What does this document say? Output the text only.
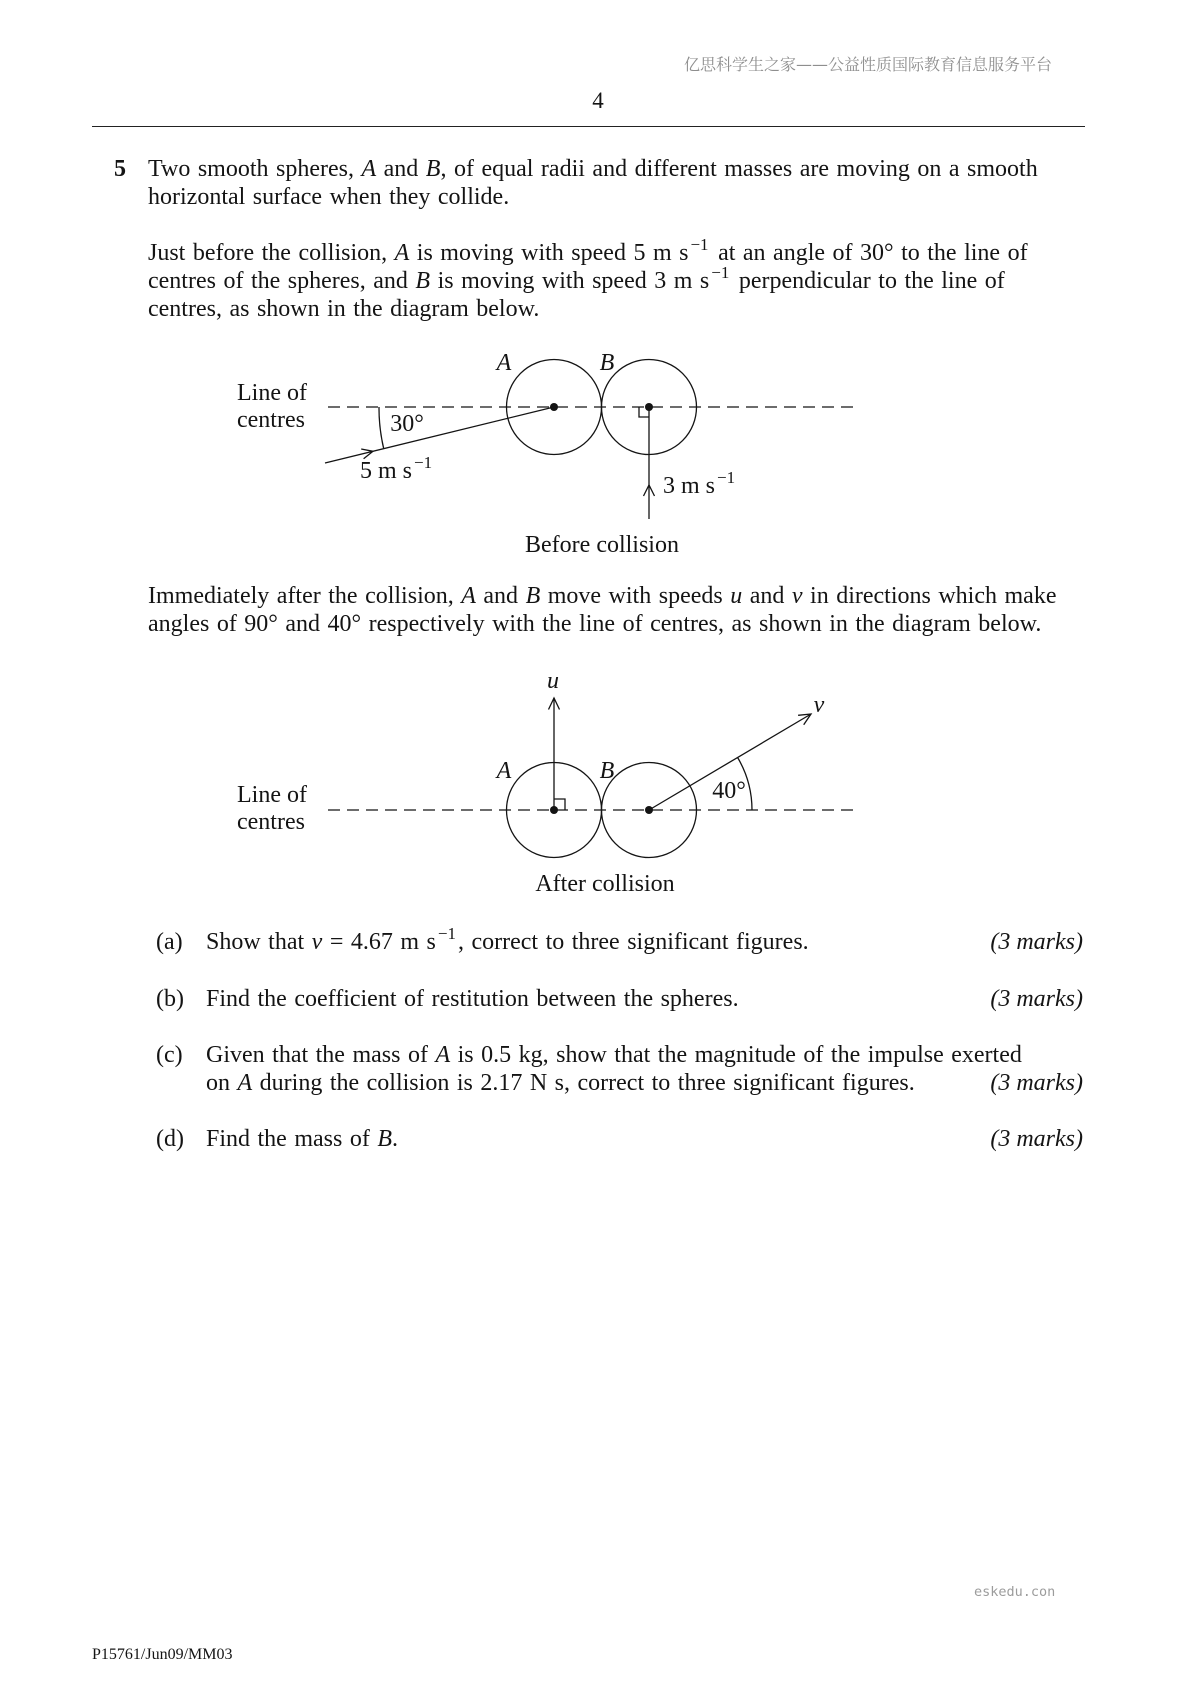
亿思科学生之家——公益性质国际教育信息服务平台
4
5 Two smooth spheres, A and B, of equal radii and different masses are moving on a smooth
horizontal surface when they collide.
Just before the collision, A is moving with speed 5 m s $^{-1}$ at an angle of 30° to the line of
centres of the spheres, and B is moving with speed 3 m s $^{-1}$ perpendicular to the line of
centres, as shown in the diagram below.
Line of
centres
A	B
30°
5 m s $^{-1}$
3 m s $^{-1}$
Before collision
Immediately after the collision, A and B move with speeds u and v in directions which make
angles of 90° and 40° respectively with the line of centres, as shown in the diagram below.
Line of
centres
A	B
u
v
40°
After collision
(a) Show that v = 4.67 m s $^{-1}$, correct to three significant figures.	(3 marks)
(b) Find the coefficient of restitution between the spheres.	(3 marks)
(c) Given that the mass of A is 0.5 kg, show that the magnitude of the impulse exerted
on A during the collision is 2.17 N s, correct to three significant figures.	(3 marks)
(d) Find the mass of B.	(3 marks)
eskedu.con
P15761/Jun09/MM03
